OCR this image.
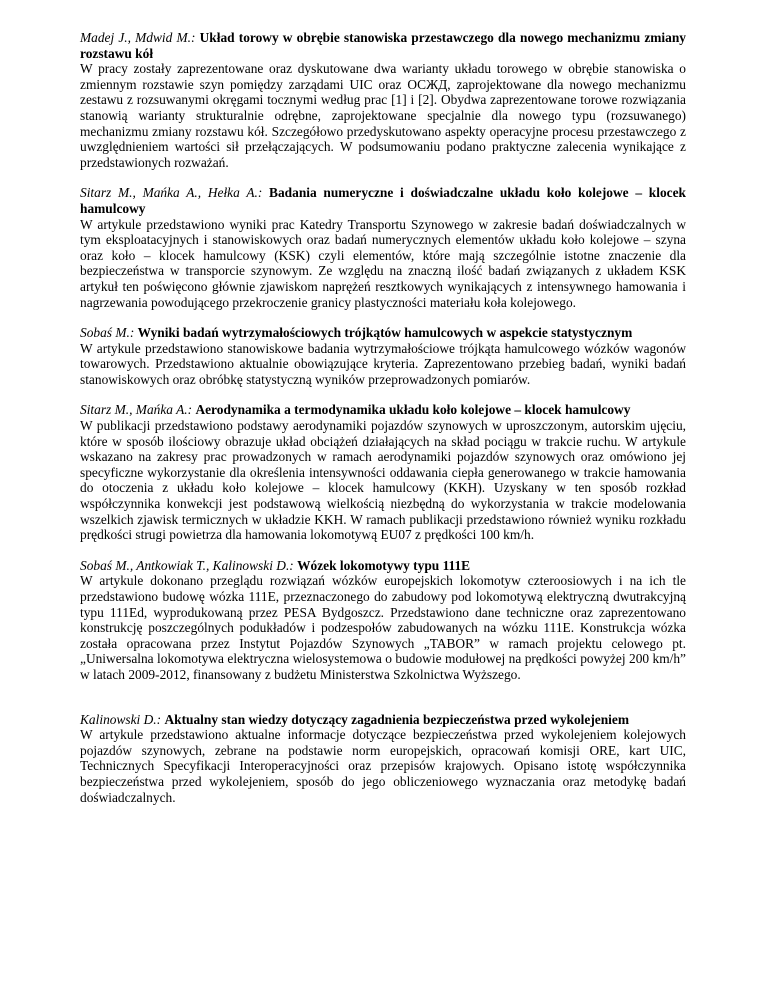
Madej J., Mdwid M.: Układ torowy w obrębie stanowiska przestawczego dla nowego mechanizmu zmiany rozstawu kół

W pracy zostały zaprezentowane oraz dyskutowane dwa warianty układu torowego w obrębie stanowiska o zmiennym rozstawie szyn pomiędzy zarządami UIC oraz ОСЖД, zaprojektowane dla nowego mechanizmu zestawu z rozsuwanymi okręgami tocznymi według prac [1] i [2]. Obydwa zaprezentowane torowe rozwiązania stanowią warianty strukturalnie odrębne, zaprojektowane specjalnie dla nowego typu (rozsuwanego) mechanizmu zmiany rozstawu kół. Szczegółowo przedyskutowano aspekty operacyjne procesu przestawczego z uwzględnieniem wartości sił przełączających. W podsumowaniu podano praktyczne zalecenia wynikające z przedstawionych rozważań.

Sitarz M., Mańka A., Hełka A.: Badania numeryczne i doświadczalne układu koło kolejowe – klocek hamulcowy

W artykule przedstawiono wyniki prac Katedry Transportu Szynowego w zakresie badań doświadczalnych w tym eksploatacyjnych i stanowiskowych oraz badań numerycznych elementów układu koło kolejowe – szyna oraz koło – klocek hamulcowy (KSK) czyli elementów, które mają szczególnie istotne znaczenie dla bezpieczeństwa w transporcie szynowym. Ze względu na znaczną ilość badań związanych z układem KSK artykuł ten poświęcono głównie zjawiskom naprężeń resztkowych wynikających z intensywnego hamowania i nagrzewania powodującego przekroczenie granicy plastyczności materiału koła kolejowego.

Sobaś M.: Wyniki badań wytrzymałościowych trójkątów hamulcowych w aspekcie statystycznym

W artykule przedstawiono stanowiskowe badania wytrzymałościowe trójkąta hamulcowego wózków wagonów towarowych. Przedstawiono aktualnie obowiązujące kryteria. Zaprezentowano przebieg badań, wyniki badań stanowiskowych oraz obróbkę statystyczną wyników przeprowadzonych pomiarów.

Sitarz M., Mańka A.: Aerodynamika a termodynamika układu koło kolejowe – klocek hamulcowy

W publikacji przedstawiono podstawy aerodynamiki pojazdów szynowych w uproszczonym, autorskim ujęciu, które w sposób ilościowy obrazuje układ obciążeń działających na skład pociągu w trakcie ruchu. W artykule wskazano na zakresy prac prowadzonych w ramach aerodynamiki pojazdów szynowych oraz omówiono jej specyficzne wykorzystanie dla określenia intensywności oddawania ciepła generowanego w trakcie hamowania do otoczenia z układu koło kolejowe – klocek hamulcowy (KKH). Uzyskany w ten sposób rozkład współczynnika konwekcji jest podstawową wielkością niezbędną do wykorzystania w trakcie modelowania wszelkich zjawisk termicznych w układzie KKH. W ramach publikacji przedstawiono również wyniku rozkładu prędkości strugi powietrza dla hamowania lokomotywą EU07 z prędkości 100 km/h.

Sobaś M., Antkowiak T., Kalinowski D.: Wózek lokomotywy typu 111E

W artykule dokonano przeglądu rozwiązań wózków europejskich lokomotyw czteroosiowych i na ich tle przedstawiono budowę wózka 111E, przeznaczonego do zabudowy pod lokomotywą elektryczną dwutrakcyjną typu 111Ed, wyprodukowaną przez PESA Bydgoszcz. Przedstawiono dane techniczne oraz zaprezentowano konstrukcję poszczególnych podukładów i podzespołów zabudowanych na wózku 111E. Konstrukcja wózka została opracowana przez Instytut Pojazdów Szynowych „TABOR” w ramach projektu celowego pt. „Uniwersalna lokomotywa elektryczna wielosystemowa o budowie modułowej na prędkości powyżej 200 km/h” w latach 2009-2012, finansowany z budżetu Ministerstwa Szkolnictwa Wyższego.

Kalinowski D.: Aktualny stan wiedzy dotyczący zagadnienia bezpieczeństwa przed wykolejeniem

W artykule przedstawiono aktualne informacje dotyczące bezpieczeństwa przed wykolejeniem kolejowych pojazdów szynowych, zebrane na podstawie norm europejskich, opracowań komisji ORE, kart UIC, Technicznych Specyfikacji Interoperacyjności oraz przepisów krajowych. Opisano istotę współczynnika bezpieczeństwa przed wykolejeniem, sposób do jego obliczeniowego wyznaczania oraz metodykę badań doświadczalnych.
